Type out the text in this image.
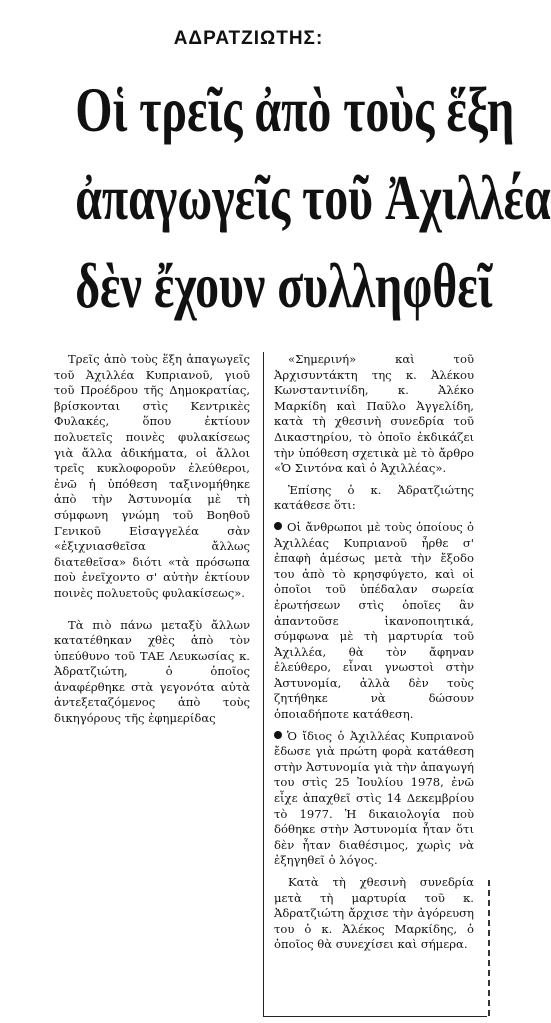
ΑΔΡΑΤΖΙΩΤΗΣ:
Οἱ τρεῖς ἀπὸ τοὺς ἕξη
ἀπαγωγεῖς τοῦ Ἀχιλλέα
δὲν ἔχουν συλληφθεῖ

Τρεῖς ἀπὸ τοὺς ἕξη ἀπαγωγεῖς τοῦ Ἀχιλλέα Κυπριανοῦ, γιοῦ τοῦ Προέδρου τῆς Δημοκρατίας, βρίσκονται στὶς Κεντρικὲς Φυλακές, ὅπου ἐκτίουν πολυετεῖς ποινὲς φυλακίσεως γιὰ ἄλλα ἀδικήματα, οἱ ἄλλοι τρεῖς κυκλοφοροῦν ἐλεύθεροι, ἐνῶ ἡ ὑπόθεση ταξινομήθηκε ἀπὸ τὴν Ἀστυνομία μὲ τὴ σύμφωνη γνώμη τοῦ Βοηθοῦ Γενικοῦ Εἰσαγγελέα σὰν «ἐξιχνιασθεῖσα ἄλλως διατεθεῖσα» διότι «τὰ πρόσωπα ποὺ ἐνεῖχοντο σ' αὐτὴν ἐκτίουν ποινὲς πολυετοῦς φυλακίσεως».

Τὰ πιὸ πάνω μεταξὺ ἄλλων κατατέθηκαν χθὲς ἀπὸ τὸν ὑπεύθυνο τοῦ ΤΑΕ Λευκωσίας κ. Ἀδρατζιώτη, ὁ ὁποῖος ἀναφέρθηκε στὰ γεγονότα αὐτὰ ἀντεξεταζόμενος ἀπὸ τοὺς δικηγόρους τῆς ἐφημερίδας

«Σημερινή» καὶ τοῦ Ἀρχισυντάκτη της κ. Ἀλέκου Κωνσταντινίδη, κ. Ἀλέκο Μαρκίδη καὶ Παῦλο Ἀγγελίδη, κατὰ τὴ χθεσινὴ συνεδρία τοῦ Δικαστηρίου, τὸ ὁποῖο ἐκδικάζει τὴν ὑπόθεση σχετικὰ μὲ τὸ ἄρθρο «Ὁ Σιντόνα καὶ ὁ Ἀχιλλέας».

Ἐπίσης ὁ κ. Ἀδρατζιώτης κατάθεσε ὅτι:

Οἱ ἄνθρωποι μὲ τοὺς ὁποίους ὁ Ἀχιλλέας Κυπριανοῦ ἦρθε σ' ἐπαφὴ ἀμέσως μετὰ τὴν ἔξοδο του ἀπὸ τὸ κρησφύγετο, καὶ οἱ ὁποῖοι τοῦ ὑπέδαλαν σωρεία ἐρωτήσεων στὶς ὁποῖες ἂν ἀπαντοῦσε ἱκανοποιητικά, σύμφωνα μὲ τὴ μαρτυρία τοῦ Ἀχιλλέα, θὰ τὸν ἄφηναν ἐλεύθερο, εἶναι γνωστοὶ στὴν Ἀστυνομία, ἀλλὰ δὲν τοὺς ζητήθηκε νὰ δώσουν ὁποιαδήποτε κατάθεση.

Ὁ ἴδιος ὁ Ἀχιλλέας Κυπριανοῦ ἔδωσε γιὰ πρώτη φορὰ κατάθεση στὴν Ἀστυνομία γιὰ τὴν ἀπαγωγή του στὶς 25 Ἰουλίου 1978, ἐνῶ εἶχε ἀπαχθεῖ στὶς 14 Δεκεμβρίου τὸ 1977. Ἡ δικαιολογία ποὺ δόθηκε στὴν Ἀστυνομία ἦταν ὅτι δὲν ἦταν διαθέσιμος, χωρὶς νὰ ἐξηγηθεῖ ὁ λόγος.

Κατὰ τὴ χθεσινὴ συνεδρία μετὰ τὴ μαρτυρία τοῦ κ. Ἀδρατζιώτη ἄρχισε τὴν ἀγόρευση του ὁ κ. Ἀλέκος Μαρκίδης, ὁ ὁποῖος θὰ συνεχίσει καὶ σήμερα.
